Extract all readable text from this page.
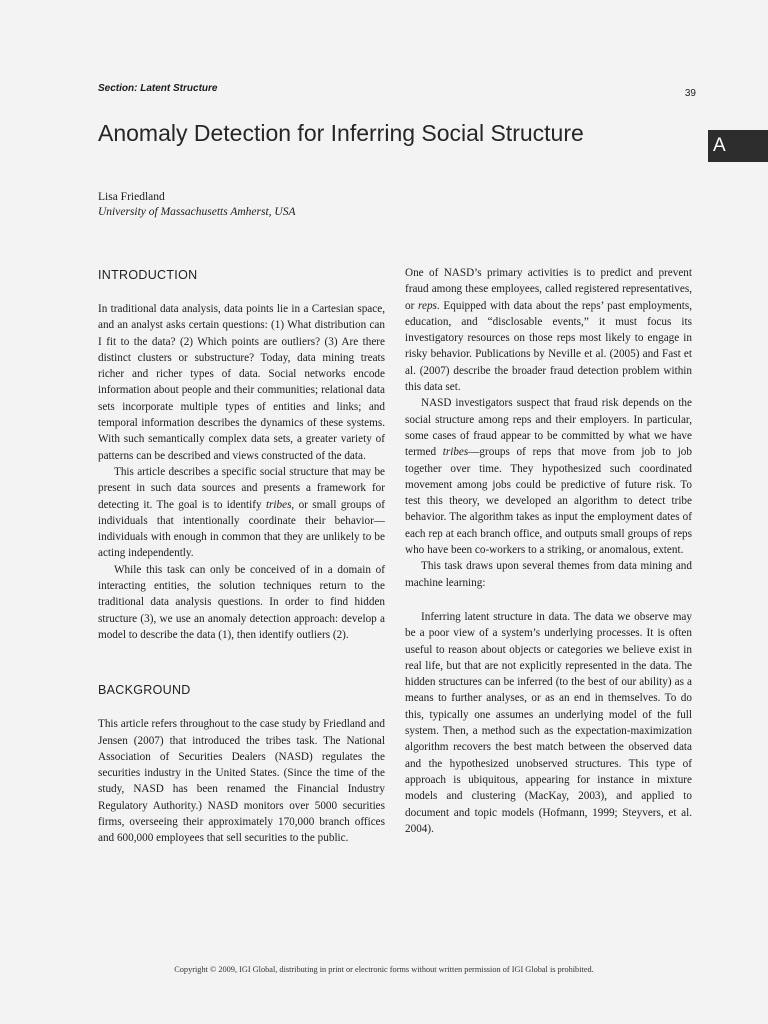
Section: Latent Structure	39
Anomaly Detection for Inferring Social Structure	A
Lisa Friedland
University of Massachusetts Amherst, USA
INTRODUCTION

In traditional data analysis, data points lie in a Cartesian space, and an analyst asks certain questions: (1) What distribution can I fit to the data? (2) Which points are outliers? (3) Are there distinct clusters or substructure? Today, data mining treats richer and richer types of data. Social networks encode information about people and their communities; relational data sets incorporate multiple types of entities and links; and temporal information describes the dynamics of these systems. With such semantically complex data sets, a greater variety of patterns can be described and views constructed of the data.

This article describes a specific social structure that may be present in such data sources and presents a framework for detecting it. The goal is to identify tribes, or small groups of individuals that intentionally coordinate their behavior—individuals with enough in common that they are unlikely to be acting independently.

While this task can only be conceived of in a domain of interacting entities, the solution techniques return to the traditional data analysis questions. In order to find hidden structure (3), we use an anomaly detection approach: develop a model to describe the data (1), then identify outliers (2).

BACKGROUND

This article refers throughout to the case study by Friedland and Jensen (2007) that introduced the tribes task. The National Association of Securities Dealers (NASD) regulates the securities industry in the United States. (Since the time of the study, NASD has been renamed the Financial Industry Regulatory Authority.) NASD monitors over 5000 securities firms, overseeing their approximately 170,000 branch offices and 600,000 employees that sell securities to the public.

One of NASD’s primary activities is to predict and prevent fraud among these employees, called registered representatives, or reps. Equipped with data about the reps’ past employments, education, and “disclosable events,” it must focus its investigatory resources on those reps most likely to engage in risky behavior. Publications by Neville et al. (2005) and Fast et al. (2007) describe the broader fraud detection problem within this data set.

NASD investigators suspect that fraud risk depends on the social structure among reps and their employers. In particular, some cases of fraud appear to be committed by what we have termed tribes—groups of reps that move from job to job together over time. They hypothesized such coordinated movement among jobs could be predictive of future risk. To test this theory, we developed an algorithm to detect tribe behavior. The algorithm takes as input the employment dates of each rep at each branch office, and outputs small groups of reps who have been co-workers to a striking, or anomalous, extent.

This task draws upon several themes from data mining and machine learning:

Inferring latent structure in data. The data we observe may be a poor view of a system’s underlying processes. It is often useful to reason about objects or categories we believe exist in real life, but that are not explicitly represented in the data. The hidden structures can be inferred (to the best of our ability) as a means to further analyses, or as an end in themselves. To do this, typically one assumes an underlying model of the full system. Then, a method such as the expectation-maximization algorithm recovers the best match between the observed data and the hypothesized unobserved structures. This type of approach is ubiquitous, appearing for instance in mixture models and clustering (MacKay, 2003), and applied to document and topic models (Hofmann, 1999; Steyvers, et al. 2004).

Copyright © 2009, IGI Global, distributing in print or electronic forms without written permission of IGI Global is prohibited.
